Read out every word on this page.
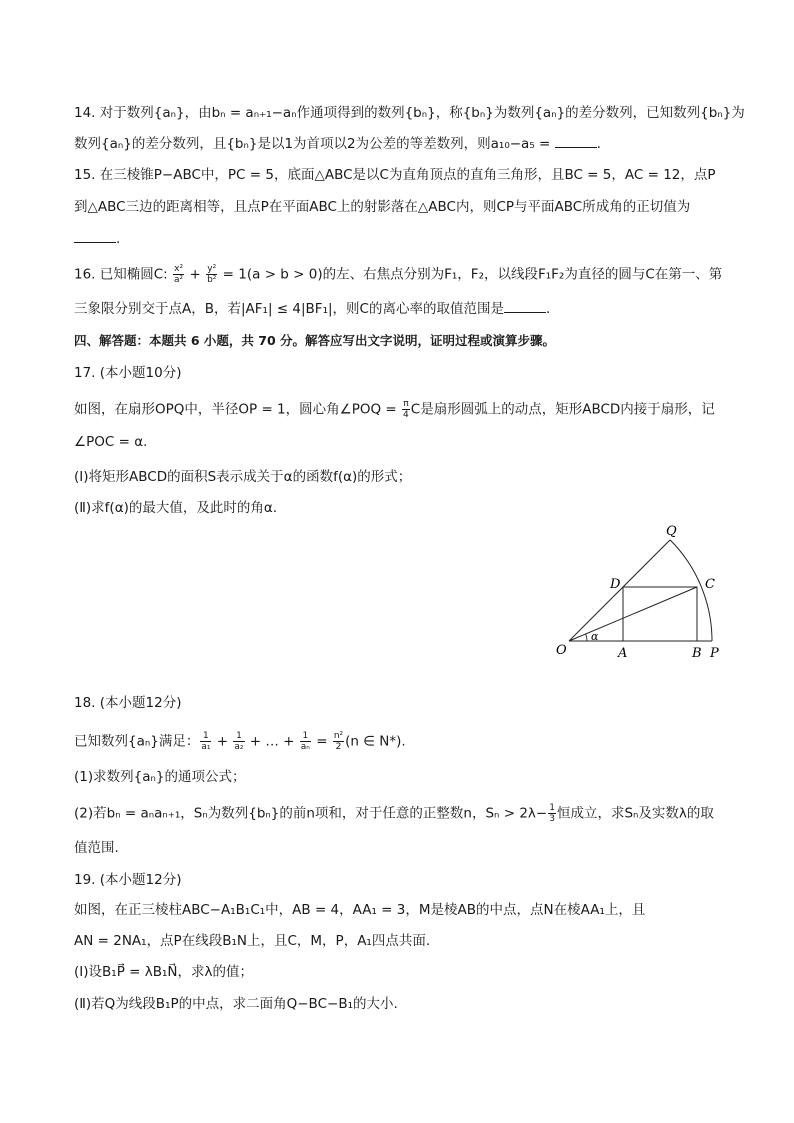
14. 对于数列{aₙ}，由bₙ = aₙ₊₁−aₙ作通项得到的数列{bₙ}，称{bₙ}为数列{aₙ}的差分数列，已知数列{bₙ}为
数列{aₙ}的差分数列，且{bₙ}是以1为首项以2为公差的等差数列，则a₁₀−a₅ =	.
15. 在三棱锥P−ABC中，PC = 5，底面△ABC是以C为直角顶点的直角三角形，且BC = 5，AC = 12，点P
到△ABC三边的距离相等，且点P在平面ABC上的射影落在△ABC内，则CP与平面ABC所成角的正切值为
.
16. 已知椭圆C: $\frac{\text{x²}}{\text{a²}} + \frac{\text{y²}}{\text{b²}} = 1(a > b > 0)$的左、右焦点分别为F₁，F₂，以线段F₁F₂为直径的圆与C在第一、第
三象限分别交于点A，B，若|AF₁| ≤ 4|BF₁|，则C的离心率的取值范围是	.
四、解答题：本题共 6 小题，共 70 分。解答应写出文字说明，证明过程或演算步骤。
17. (本小题10分)
如图，在扇形OPQ中，半径OP = 1，圆心角∠POQ = $\frac{\pi}{4}$ C是扇形圆弧上的动点，矩形ABCD内接于扇形，记
∠POC = α.
(Ⅰ)将矩形ABCD的面积S表示成关于α的函数f(α)的形式；
(Ⅱ)求f(α)的最大值，及此时的角α.
Q
D	C
O	A	B P
α
18. (本小题12分)
已知数列{aₙ}满足： $\frac{1}{\text{a₁}} + \frac{1}{\text{a₂}}$ + … + $\frac{1}{\text{aₙ}} = \frac{\text{n²}}{2} (n$ ∈ N*).
(1)求数列{aₙ}的通项公式；
(2)若bₙ = aₙaₙ₊₁，Sₙ为数列{bₙ}的前n项和，对于任意的正整数n，$S_n > 2\lambda- \frac{1}{3}$ 恒成立，求Sₙ及实数λ的取
值范围.
19. (本小题12分)
如图，在正三棱柱ABC−A₁B₁C₁中，AB = 4，AA₁ = 3，M是棱AB的中点，点N在棱AA₁上，且
AN = 2NA₁，点P在线段B₁N上，且C，M，P，A₁四点共面.
(Ⅰ)设B₁P⃗ = λB₁N⃗，求λ的值；
(Ⅱ)若Q为线段B₁P的中点，求二面角Q−BC−B₁的大小.
